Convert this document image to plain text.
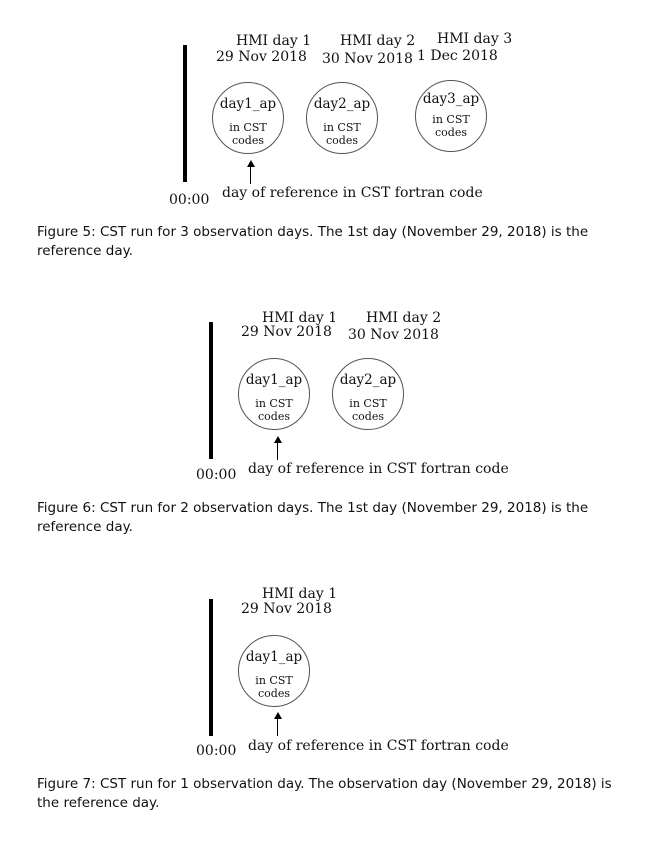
HMI day 1
29 Nov 2018
HMI day 2
30 Nov 2018
HMI day 3
1 Dec 2018
day1_ap
in CST codes
day2_ap
in CST codes
day3_ap
in CST codes
00:00 day of reference in CST fortran code
Figure 5: CST run for 3 observation days. The 1st day (November 29, 2018) is the reference day.
HMI day 1
29 Nov 2018
HMI day 2
30 Nov 2018
day1_ap
in CST codes
day2_ap
in CST codes
00:00 day of reference in CST fortran code
Figure 6: CST run for 2 observation days. The 1st day (November 29, 2018) is the reference day.
HMI day 1
29 Nov 2018
day1_ap
in CST codes
00:00 day of reference in CST fortran code
Figure 7: CST run for 1 observation day. The observation day (November 29, 2018) is the reference day.
